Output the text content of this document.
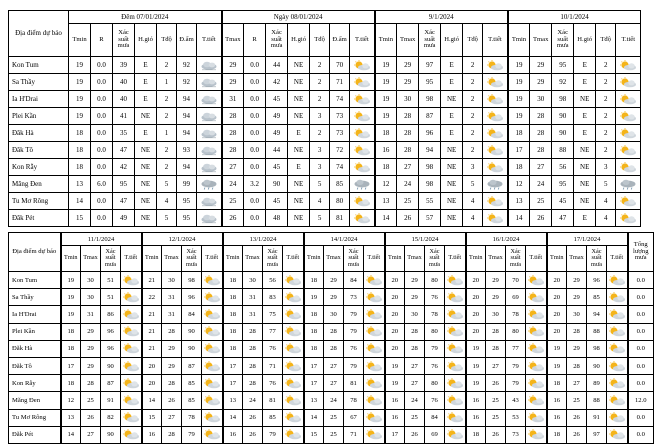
Địa điểm dự báo	Đêm 07/01/2024							Ngày 08/01/2024							9/1/2024						10/1/2024					
	Tmin	R	Xác suất mưa	H.gió	Tđộ	Đ.ẩm	T.tiết	Tmax	R	Xác suất mưa	H.gió	Tđộ	Đ.ẩm	T.tiết	Tmin	Tmax	Xác suất mưa	H.gió	Tđộ	T.tiết	Tmin	Tmax	Xác suất mưa	H.gió	Tđộ	T.tiết
Kon Tum	19	0.0	39	E	2	92		29	0.0	44	NE	2	70		19	29	97	E	2		19	29	95	E	2	

Sa Thầy	19	0.0	40	E	1	92		29	0.0	42	NE	2	71		19	29	95	E	2		19	29	92	E	2	

Ia H'Drai	19	0.0	40	E	2	94		31	0.0	45	NE	2	74		19	30	98	NE	2		19	30	98	NE	2	

Plei Kần	19	0.0	41	NE	2	94		28	0.0	49	NE	3	73		19	28	87	E	2		19	28	90	E	2	

Đăk Hà	18	0.0	35	E	1	94		28	0.0	49	E	2	73		18	28	96	E	2		18	28	90	E	2	

Đăk Tô	18	0.0	47	NE	2	93		28	0.0	44	NE	3	72		16	28	94	NE	2		17	28	88	NE	2	

Kon Rẫy	18	0.0	42	NE	2	94		27	0.0	45	E	3	74		18	27	98	NE	3		18	27	56	NE	3	

Măng Đen	13	6.0	95	NE	5	99		24	3.2	90	NE	5	85		12	24	98	NE	5		12	24	95	NE	5	

Tu Mơ Rông	14	0.0	47	NE	4	95		25	0.0	45	NE	4	80		13	25	55	NE	4		13	25	45	NE	4	

Đăk Pét	15	0.0	49	NE	5	95		26	0.0	48	NE	5	81		14	26	57	NE	4		14	26	47	E	4	
Địa điểm dự báo	11/1/2024				12/1/2024				13/1/2024				14/1/2024				15/1/2024				16/1/2024				17/1/2024				Tổng lượng mưa
	Tmin	Tmax	Xác suất mưa	T.tiết	Tmin	Tmax	Xác suất mưa	T.tiết	Tmin	Tmax	Xác suất mưa	T.tiết	Tmin	Tmax	Xác suất mưa	T.tiết	Tmin	Tmax	Xác suất mưa	T.tiết	Tmin	Tmax	Xác suất mưa	T.tiết	Tmin	Tmax	Xác suất mưa	T.tiết	
Kon Tum	19	30	51		21	30	98		18	30	56		18	29	84		20	29	80		20	29	70		20	29	96		0.0
Sa Thầy	19	30	51		22	31	96		18	31	83		19	29	73		20	29	76		20	29	69		20	29	85		0.0
Ia H'Drai	19	31	86		21	31	84		18	31	75		18	30	79		20	30	78		20	30	78		20	30	94		0.0
Plei Kần	18	29	96		21	28	90		18	28	77		18	28	79		20	28	80		20	28	80		20	28	88		0.0
Đăk Hà	18	29	96		21	29	90		18	28	76		18	28	76		20	28	79		19	28	77		19	29	98		0.0
Đăk Tô	17	29	90		20	29	87		17	28	71		17	27	79		19	27	76		19	27	79		19	28	90		0.0
Kon Rẫy	18	28	87		20	28	85		17	28	76		17	27	81		19	27	80		19	26	79		18	27	89		0.0
Măng Đen	12	25	91		14	26	85		13	24	81		13	24	78		16	24	76		16	25	43		16	25	88		12.0
Tu Mơ Rông	13	26	82		15	27	78		14	26	85		14	25	67		16	25	84		16	25	53		16	26	91		0.0
Đăk Pét	14	27	90		16	28	79		16	26	79		15	25	71		17	26	69		18	26	73		18	26	97		0.0
